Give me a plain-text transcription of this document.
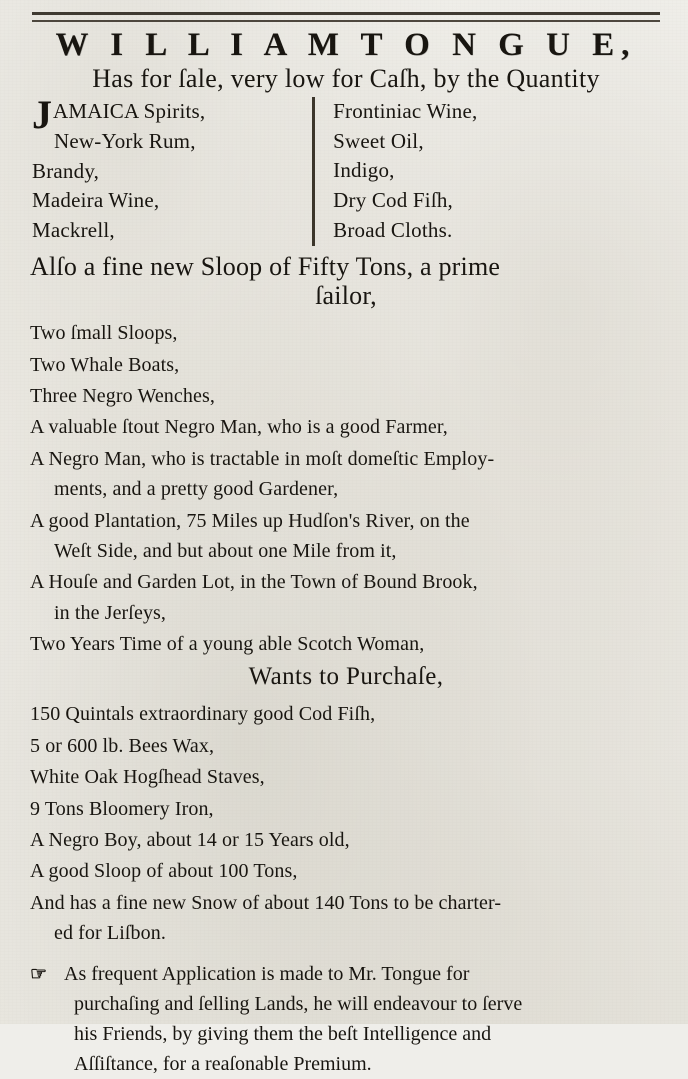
W I L L I A M T O N G U E,
Has for ſale, very low for Caſh, by the Quantity
J AMAICA Spirits,
New-York Rum,
Brandy,
Madeira Wine,
Mackrell,
Frontiniac Wine,
Sweet Oil,
Indigo,
Dry Cod Fiſh,
Broad Cloths.
Alſo a fine new Sloop of Fifty Tons, a prime
ſailor,
Two ſmall Sloops,
Two Whale Boats,
Three Negro Wenches,
A valuable ſtout Negro Man, who is a good Farmer,
A Negro Man, who is tractable in moſt domeſtic Employ-
ments, and a pretty good Gardener,
A good Plantation, 75 Miles up Hudſon's River, on the
Weſt Side, and but about one Mile from it,
A Houſe and Garden Lot, in the Town of Bound Brook,
in the Jerſeys,
Two Years Time of a young able Scotch Woman,
Wants to Purchaſe,
150 Quintals extraordinary good Cod Fiſh,
5 or 600 lb. Bees Wax,
White Oak Hogſhead Staves,
9 Tons Bloomery Iron,
A Negro Boy, about 14 or 15 Years old,
A good Sloop of about 100 Tons,
And has a fine new Snow of about 140 Tons to be charter-
ed for Liſbon.
☞ As frequent Application is made to Mr. Tongue for
purchaſing and ſelling Lands, he will endeavour to ſerve
his Friends, by giving them the beſt Intelligence and
Aſſiſtance, for a reaſonable Premium.
